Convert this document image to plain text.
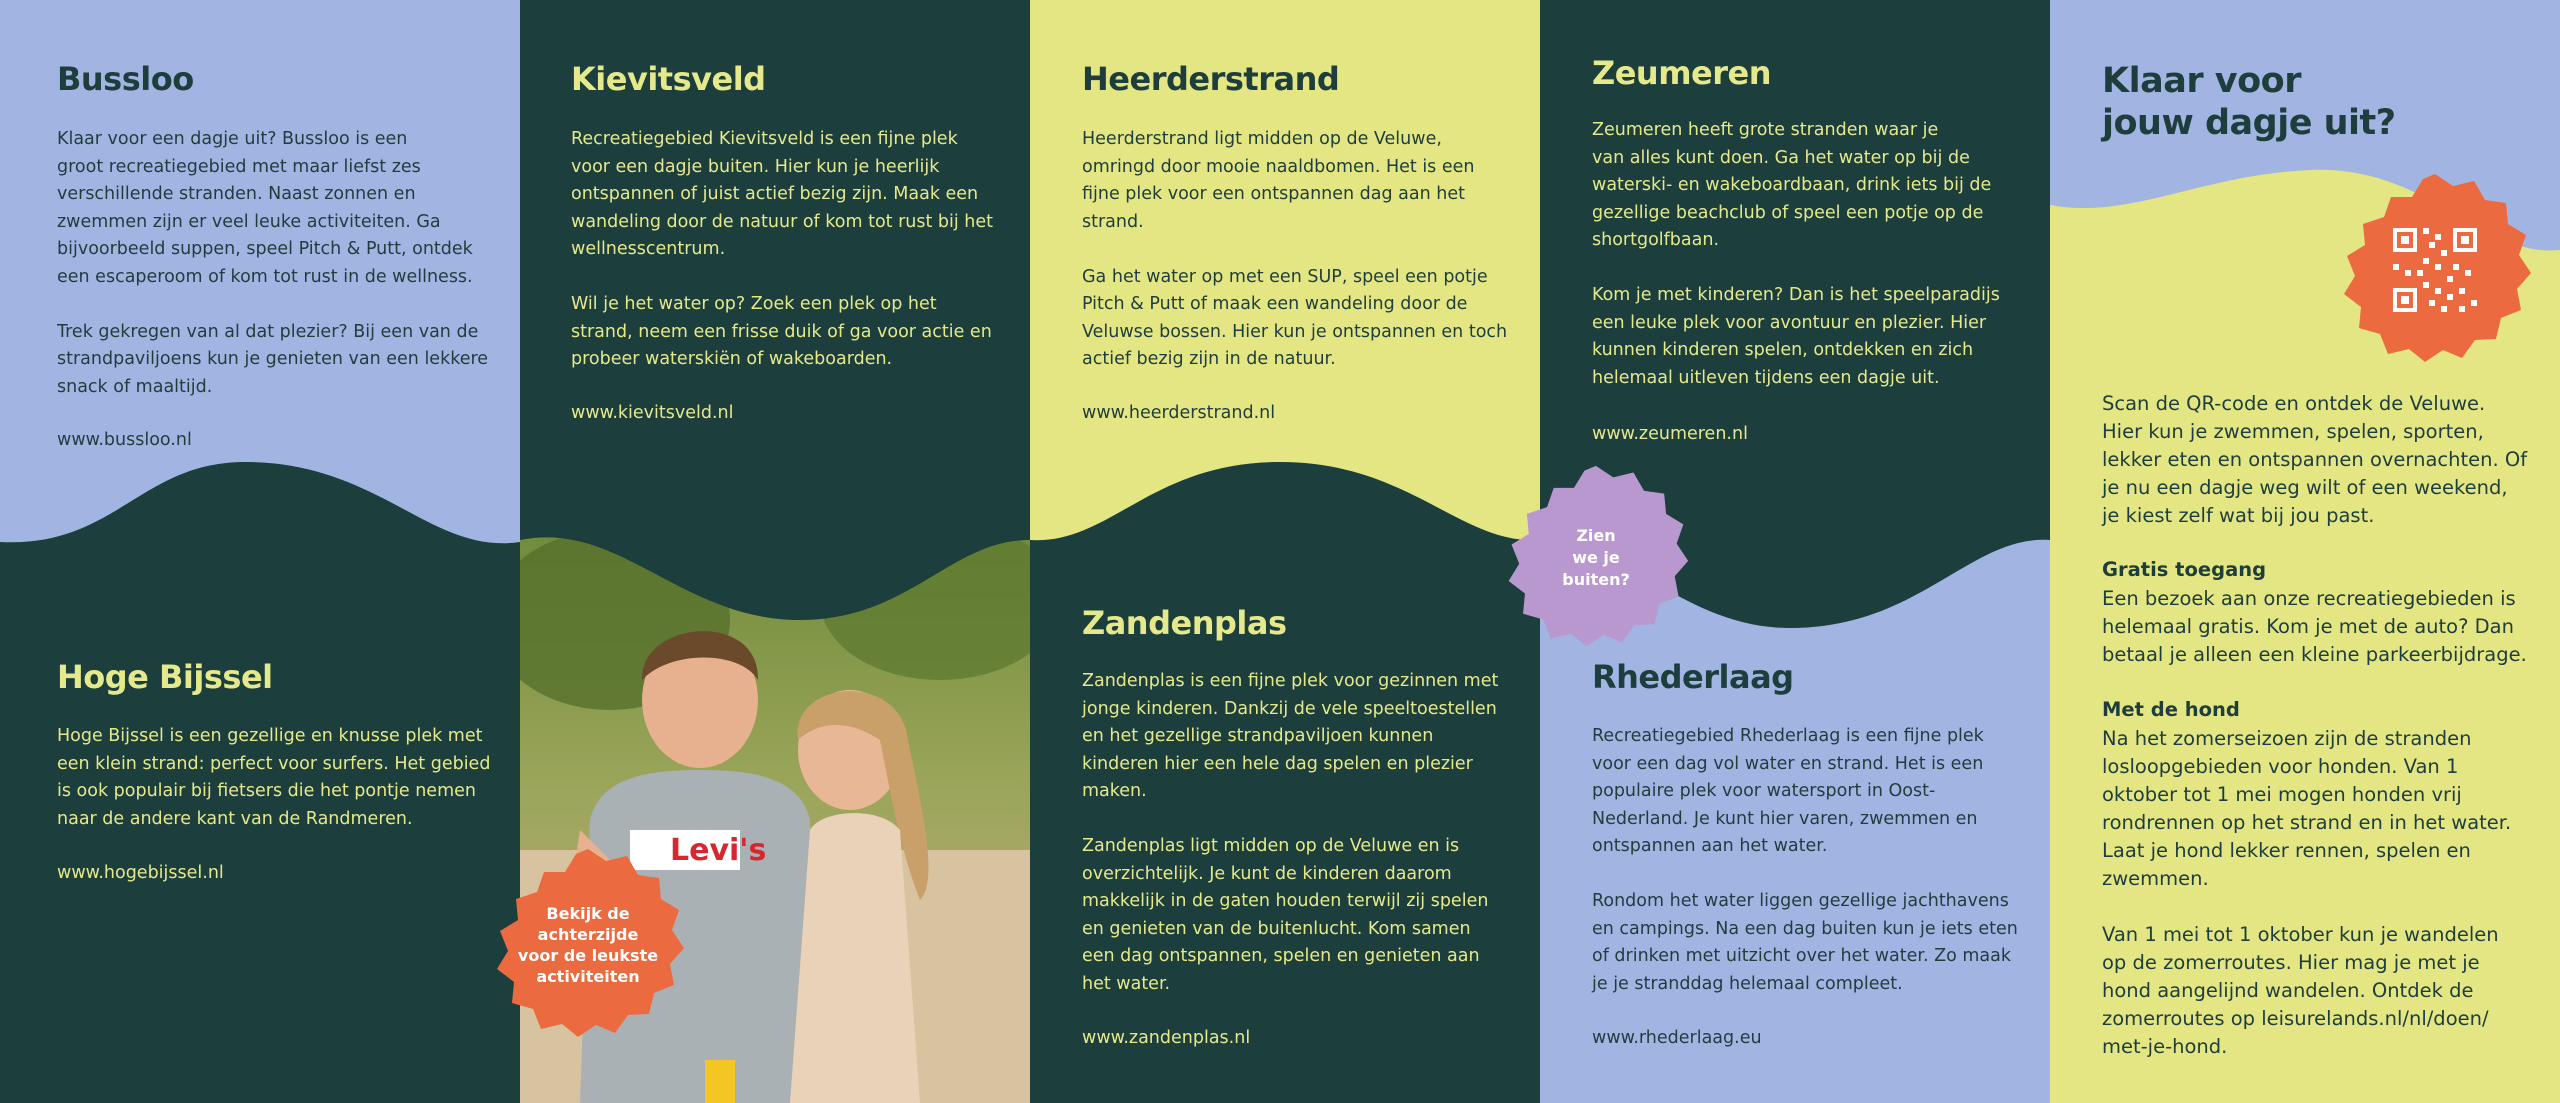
Bussloo

Klaar voor een dagje uit? Bussloo is een
groot recreatiegebied met maar liefst zes
verschillende stranden. Naast zonnen en
zwemmen zijn er veel leuke activiteiten. Ga
bijvoorbeeld suppen, speel Pitch & Putt, ontdek
een escaperoom of kom tot rust in de wellness.

Trek gekregen van al dat plezier? Bij een van de
strandpaviljoens kun je genieten van een lekkere
snack of maaltijd.

www.bussloo.nl

Hoge Bijssel

Hoge Bijssel is een gezellige en knusse plek met
een klein strand: perfect voor surfers. Het gebied
is ook populair bij fietsers die het pontje nemen
naar de andere kant van de Randmeren.

www.hogebijssel.nl

Levi's
Kievitsveld

Recreatiegebied Kievitsveld is een fijne plek
voor een dagje buiten. Hier kun je heerlijk
ontspannen of juist actief bezig zijn. Maak een
wandeling door de natuur of kom tot rust bij het
wellnesscentrum.

Wil je het water op? Zoek een plek op het
strand, neem een frisse duik of ga voor actie en
probeer waterskiën of wakeboarden.

www.kievitsveld.nl

Heerderstrand

Heerderstrand ligt midden op de Veluwe,
omringd door mooie naaldbomen. Het is een
fijne plek voor een ontspannen dag aan het
strand.

Ga het water op met een SUP, speel een potje
Pitch & Putt of maak een wandeling door de
Veluwse bossen. Hier kun je ontspannen en toch
actief bezig zijn in de natuur.

www.heerderstrand.nl

Zandenplas

Zandenplas is een fijne plek voor gezinnen met
jonge kinderen. Dankzij de vele speeltoestellen
en het gezellige strandpaviljoen kunnen
kinderen hier een hele dag spelen en plezier
maken.

Zandenplas ligt midden op de Veluwe en is
overzichtelijk. Je kunt de kinderen daarom
makkelijk in de gaten houden terwijl zij spelen
en genieten van de buitenlucht. Kom samen
een dag ontspannen, spelen en genieten aan
het water.

www.zandenplas.nl

Zeumeren

Zeumeren heeft grote stranden waar je
van alles kunt doen. Ga het water op bij de
waterski- en wakeboardbaan, drink iets bij de
gezellige beachclub of speel een potje op de
shortgolfbaan.

Kom je met kinderen? Dan is het speelparadijs
een leuke plek voor avontuur en plezier. Hier
kunnen kinderen spelen, ontdekken en zich
helemaal uitleven tijdens een dagje uit.

www.zeumeren.nl

Rhederlaag

Recreatiegebied Rhederlaag is een fijne plek
voor een dag vol water en strand. Het is een
populaire plek voor watersport in Oost-
Nederland. Je kunt hier varen, zwemmen en
ontspannen aan het water.

Rondom het water liggen gezellige jachthavens
en campings. Na een dag buiten kun je iets eten
of drinken met uitzicht over het water. Zo maak
je je stranddag helemaal compleet.

www.rhederlaag.eu

Klaar voor
jouw dagje uit?

Scan de QR-code en ontdek de Veluwe.
Hier kun je zwemmen, spelen, sporten,
lekker eten en ontspannen overnachten. Of
je nu een dagje weg wilt of een weekend,
je kiest zelf wat bij jou past.

Gratis toegang

Een bezoek aan onze recreatiegebieden is
helemaal gratis. Kom je met de auto? Dan
betaal je alleen een kleine parkeerbijdrage.

Met de hond

Na het zomerseizoen zijn de stranden
losloopgebieden voor honden. Van 1
oktober tot 1 mei mogen honden vrij
rondrennen op het strand en in het water.
Laat je hond lekker rennen, spelen en
zwemmen.

Van 1 mei tot 1 oktober kun je wandelen
op de zomerroutes. Hier mag je met je
hond aangelijnd wandelen. Ontdek de
zomerroutes op leisurelands.nl/nl/doen/
met-je-hond.

Zien
we je
buiten?
Bekijk de
achterzijde
voor de leukste
activiteiten
